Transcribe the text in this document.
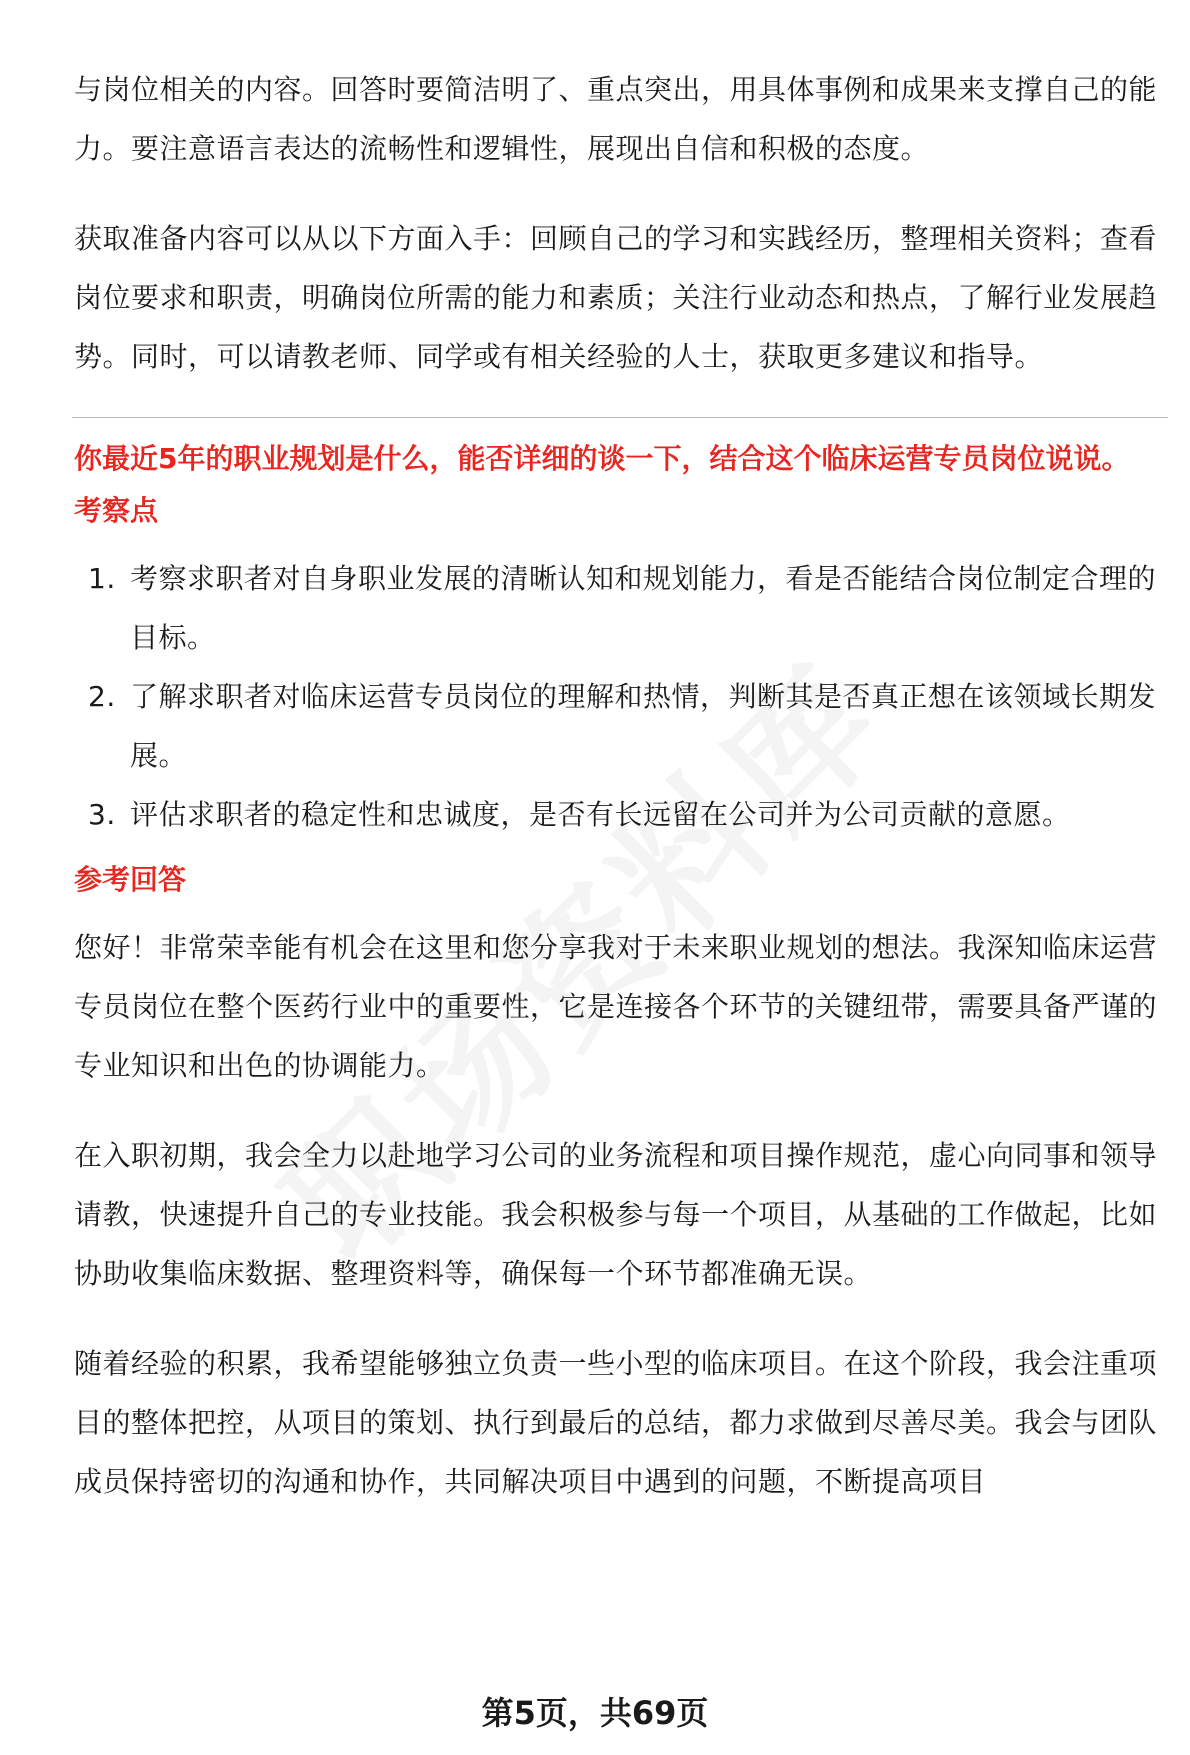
与岗位相关的内容。回答时要简洁明了、重点突出，用具体事例和成果来支撑自己的能力。要注意语言表达的流畅性和逻辑性，展现出自信和积极的态度。

获取准备内容可以从以下方面入手：回顾自己的学习和实践经历，整理相关资料；查看岗位要求和职责，明确岗位所需的能力和素质；关注行业动态和热点，了解行业发展趋势。同时，可以请教老师、同学或有相关经验的人士，获取更多建议和指导。

你最近5年的职业规划是什么，能否详细的谈一下，结合这个临床运营专员岗位说说。
考察点
1. 考察求职者对自身职业发展的清晰认知和规划能力，看是否能结合岗位制定合理的目标。
2. 了解求职者对临床运营专员岗位的理解和热情，判断其是否真正想在该领域长期发展。
3. 评估求职者的稳定性和忠诚度，是否有长远留在公司并为公司贡献的意愿。
参考回答

您好！非常荣幸能有机会在这里和您分享我对于未来职业规划的想法。我深知临床运营专员岗位在整个医药行业中的重要性，它是连接各个环节的关键纽带，需要具备严谨的专业知识和出色的协调能力。

在入职初期，我会全力以赴地学习公司的业务流程和项目操作规范，虚心向同事和领导请教，快速提升自己的专业技能。我会积极参与每一个项目，从基础的工作做起，比如协助收集临床数据、整理资料等，确保每一个环节都准确无误。

随着经验的积累，我希望能够独立负责一些小型的临床项目。在这个阶段，我会注重项目的整体把控，从项目的策划、执行到最后的总结，都力求做到尽善尽美。我会与团队成员保持密切的沟通和协作，共同解决项目中遇到的问题，不断提高项目

第5页，共69页
